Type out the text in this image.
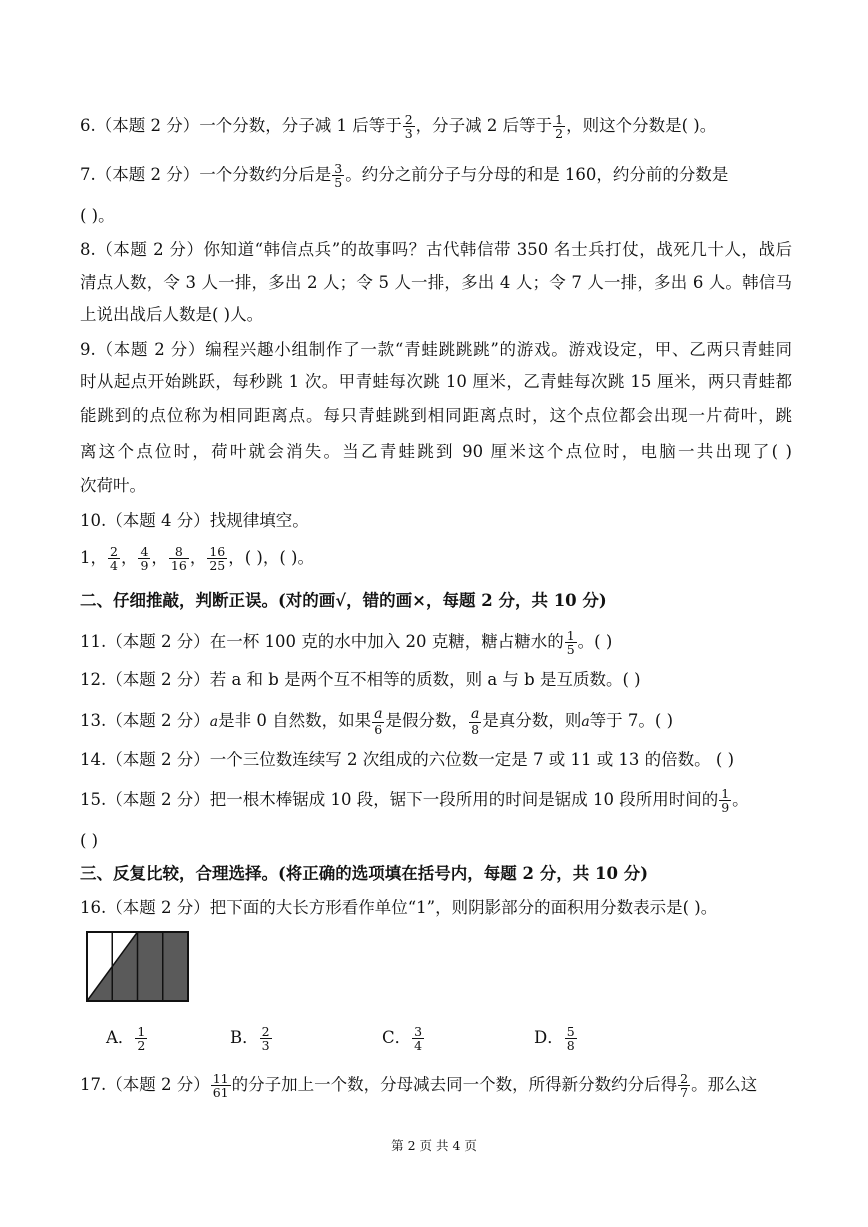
6.（本题 2 分）一个分数，分子减 1 后等于 $\frac{2}{3}$ ，分子减 2 后等于 $\frac{1}{2}$ ，则这个分数是( )。
7.（本题 2 分）一个分数约分后是 $\frac{3}{5}$ 。约分之前分子与分母的和是 160，约分前的分数是
( )。
8.（本题 2 分）你知道“韩信点兵”的故事吗？古代韩信带 350 名士兵打仗，战死几十人，战后
清点人数，令 3 人一排，多出 2 人；令 5 人一排，多出 4 人；令 7 人一排，多出 6 人。韩信马
上说出战后人数是( )人。
9.（本题 2 分）编程兴趣小组制作了一款“青蛙跳跳跳”的游戏。游戏设定，甲、乙两只青蛙同
时从起点开始跳跃，每秒跳 1 次。甲青蛙每次跳 10 厘米，乙青蛙每次跳 15 厘米，两只青蛙都
能跳到的点位称为相同距离点。每只青蛙跳到相同距离点时，这个点位都会出现一片荷叶，跳
离这个点位时，荷叶就会消失。当乙青蛙跳到 90 厘米这个点位时，电脑一共出现了( )
次荷叶。
10.（本题 4 分）找规律填空。
1， $\frac{2}{4}$ ， $\frac{4}{9}$ ， $\frac{8}{16}$ ， $\frac{16}{25}$ ，( )，( )。
二、仔细推敲，判断正误。(对的画√，错的画×，每题 2 分，共 10 分)
11.（本题 2 分）在一杯 100 克的水中加入 20 克糖，糖占糖水的 $\frac{1}{5}$ 。( )
12.（本题 2 分）若 a 和 b 是两个互不相等的质数，则 a 与 b 是互质数。( )
13.（本题 2 分）a是非 0 自然数，如果 $\frac{a}{6}$ 是假分数， $\frac{a}{8}$ 是真分数，则a等于 7。( )
14.（本题 2 分）一个三位数连续写 2 次组成的六位数一定是 7 或 11 或 13 的倍数。 ( )
15.（本题 2 分）把一根木棒锯成 10 段，锯下一段所用的时间是锯成 10 段所用时间的 $\frac{1}{9}$ 。
( )
三、反复比较，合理选择。(将正确的选项填在括号内，每题 2 分，共 10 分)
16.（本题 2 分）把下面的大长方形看作单位“1”，则阴影部分的面积用分数表示是( )。
A． $\frac{1}{2}$	B． $\frac{2}{3}$	C． $\frac{3}{4}$	D． $\frac{5}{8}$
17.（本题 2 分） $\frac{11}{61}$ 的分子加上一个数，分母减去同一个数，所得新分数约分后得 $\frac{2}{7}$ 。那么这
第 2 页 共 4 页
